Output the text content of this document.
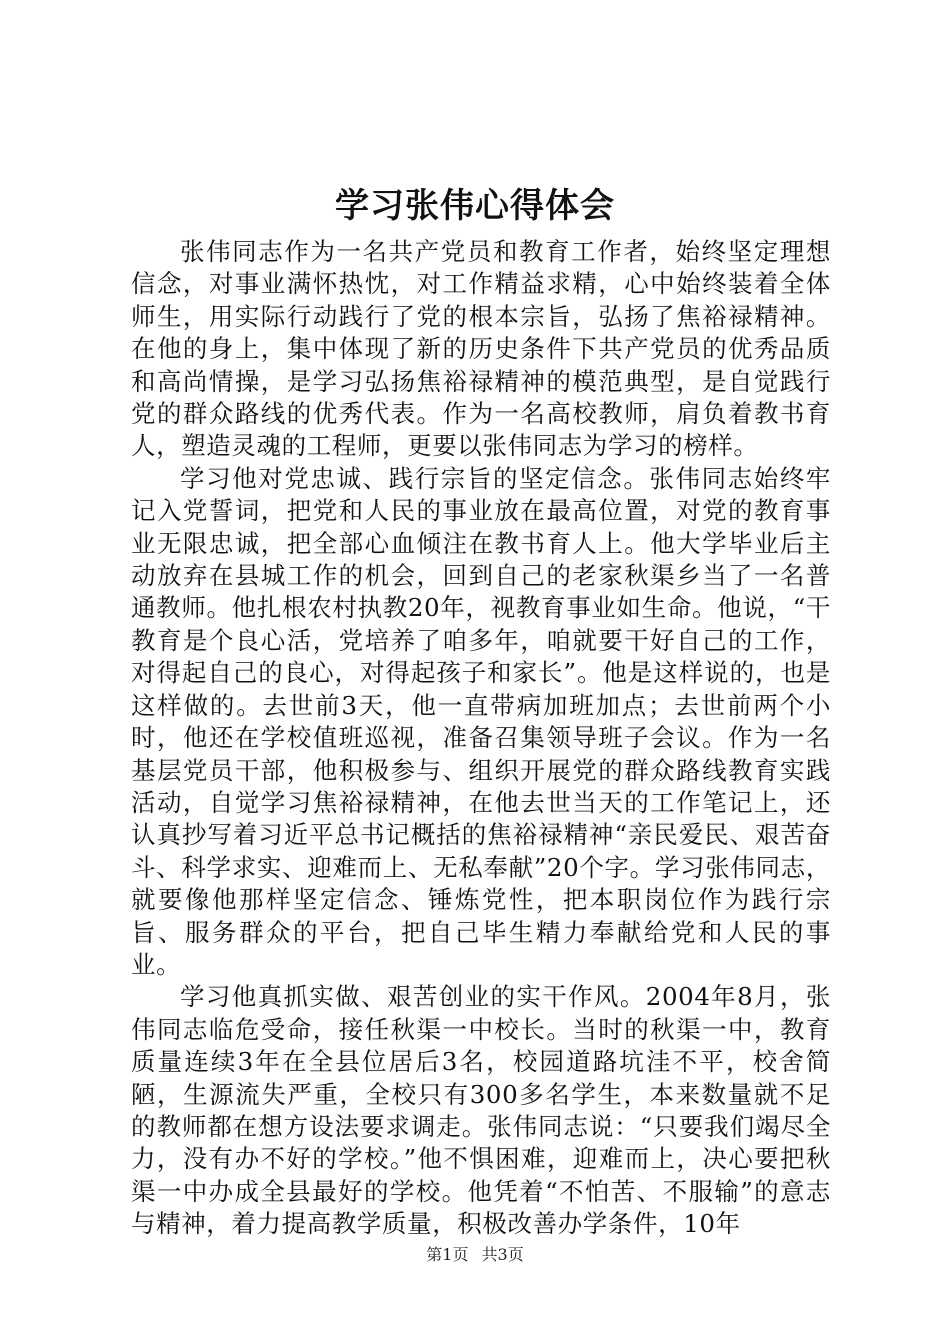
学习张伟心得体会

张伟同志作为一名共产党员和教育工作者，始终坚定理想信念，对事业满怀热忱，对工作精益求精，心中始终装着全体师生，用实际行动践行了党的根本宗旨，弘扬了焦裕禄精神。在他的身上，集中体现了新的历史条件下共产党员的优秀品质和高尚情操，是学习弘扬焦裕禄精神的模范典型，是自觉践行党的群众路线的优秀代表。作为一名高校教师，肩负着教书育人，塑造灵魂的工程师，更要以张伟同志为学习的榜样。

学习他对党忠诚、践行宗旨的坚定信念。张伟同志始终牢记入党誓词，把党和人民的事业放在最高位置，对党的教育事业无限忠诚，把全部心血倾注在教书育人上。他大学毕业后主动放弃在县城工作的机会，回到自己的老家秋渠乡当了一名普通教师。他扎根农村执教20年，视教育事业如生命。他说，“干教育是个良心活，党培养了咱多年，咱就要干好自己的工作，对得起自己的良心，对得起孩子和家长”。他是这样说的，也是这样做的。去世前3天，他一直带病加班加点；去世前两个小时，他还在学校值班巡视，准备召集领导班子会议。作为一名基层党员干部，他积极参与、组织开展党的群众路线教育实践活动，自觉学习焦裕禄精神，在他去世当天的工作笔记上，还认真抄写着习近平总书记概括的焦裕禄精神“亲民爱民、艰苦奋斗、科学求实、迎难而上、无私奉献”20个字。学习张伟同志，就要像他那样坚定信念、锤炼党性，把本职岗位作为践行宗旨、服务群众的平台，把自己毕生精力奉献给党和人民的事业。

学习他真抓实做、艰苦创业的实干作风。2004年8月，张伟同志临危受命，接任秋渠一中校长。当时的秋渠一中，教育质量连续3年在全县位居后3名，校园道路坑洼不平，校舍简陋，生源流失严重，全校只有300多名学生，本来数量就不足的教师都在想方设法要求调走。张伟同志说：“只要我们竭尽全力，没有办不好的学校。”他不惧困难，迎难而上，决心要把秋渠一中办成全县最好的学校。他凭着“不怕苦、不服输”的意志与精神，着力提高教学质量，积极改善办学条件，10年

第1页 共3页
